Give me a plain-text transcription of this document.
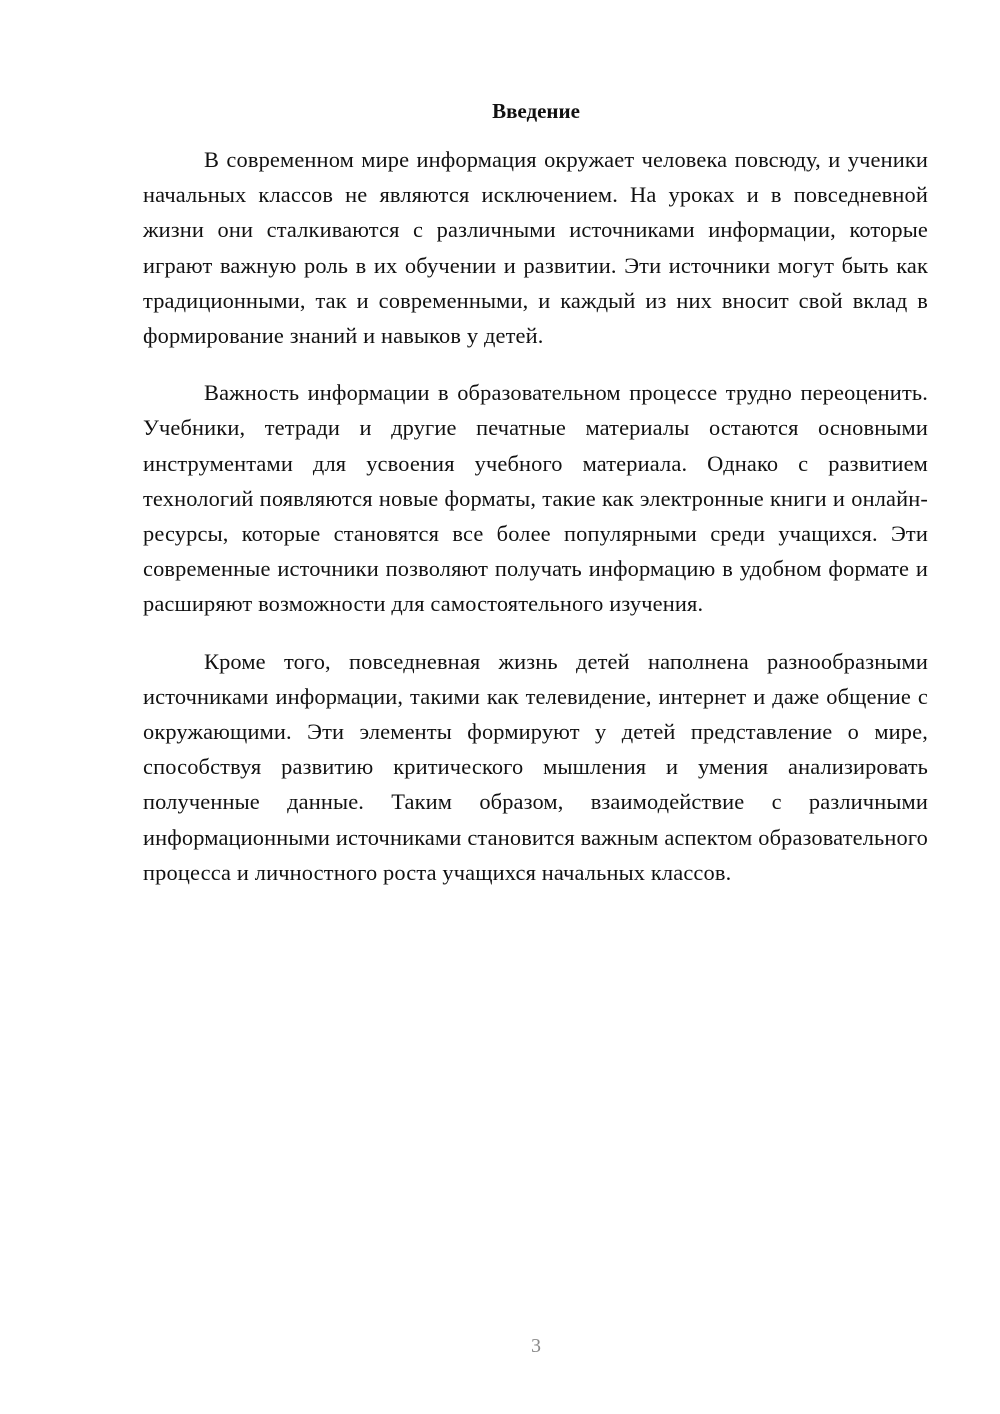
Введение

В современном мире информация окружает человека повсюду, и ученики начальных классов не являются исключением. На уроках и в повседневной жизни они сталкиваются с различными источниками информации, которые играют важную роль в их обучении и развитии. Эти источники могут быть как традиционными, так и современными, и каждый из них вносит свой вклад в формирование знаний и навыков у детей.

Важность информации в образовательном процессе трудно переоценить. Учебники, тетради и другие печатные материалы остаются основными инструментами для усвоения учебного материала. Однако с развитием технологий появляются новые форматы, такие как электронные книги и онлайн-ресурсы, которые становятся все более популярными среди учащихся. Эти современные источники позволяют получать информацию в удобном формате и расширяют возможности для самостоятельного изучения.

Кроме того, повседневная жизнь детей наполнена разнообразными источниками информации, такими как телевидение, интернет и даже общение с окружающими. Эти элементы формируют у детей представление о мире, способствуя развитию критического мышления и умения анализировать полученные данные. Таким образом, взаимодействие с различными информационными источниками становится важным аспектом образовательного процесса и личностного роста учащихся начальных классов.

3
